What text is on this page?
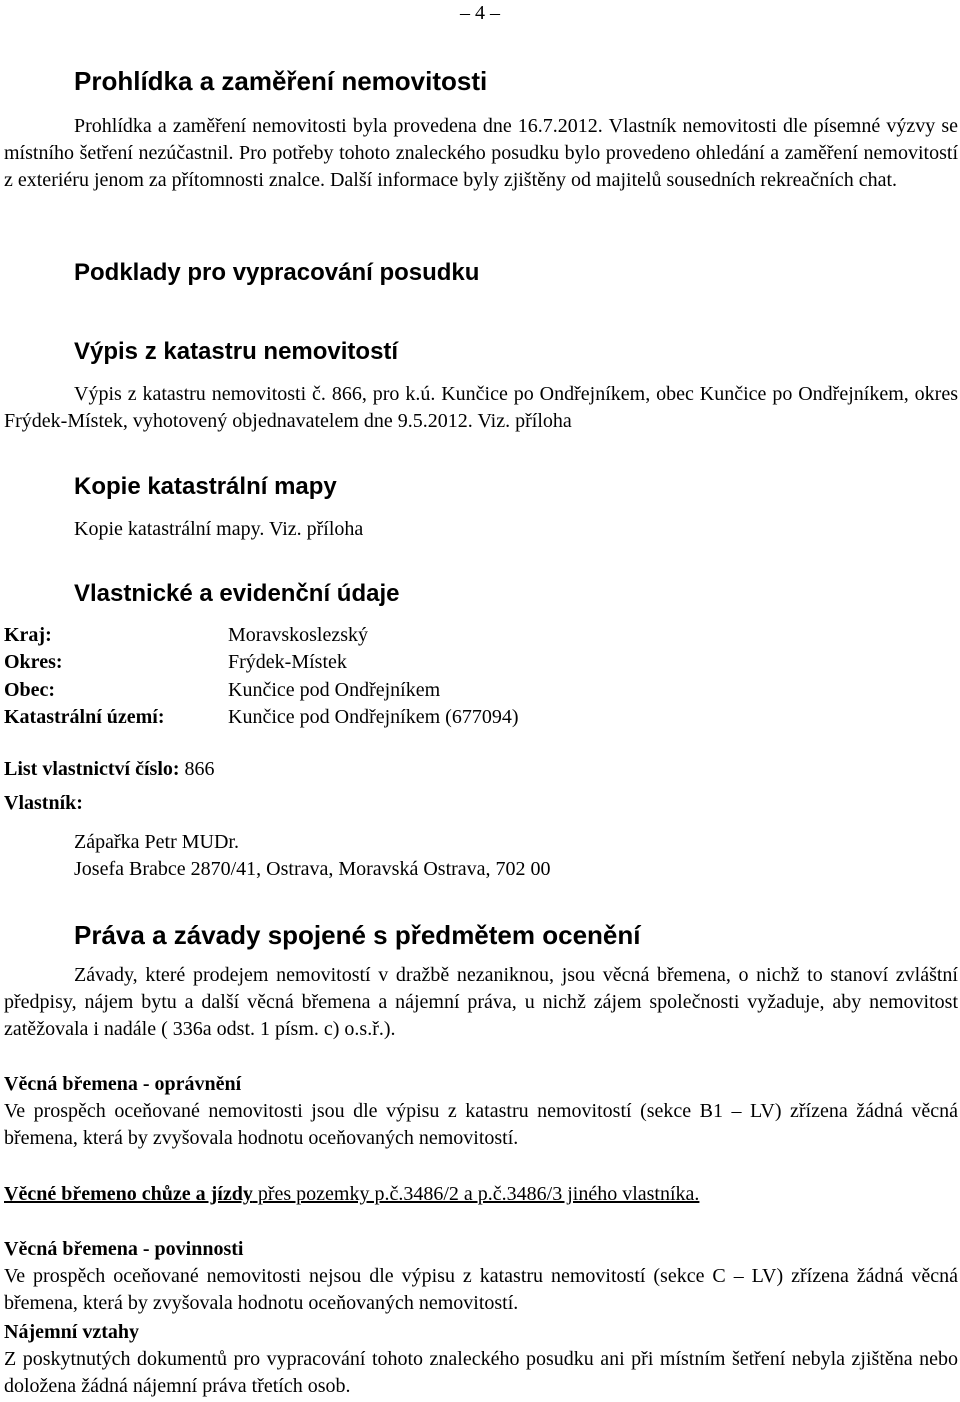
– 4 –
Prohlídka a zaměření nemovitosti

Prohlídka a zaměření nemovitosti byla provedena dne 16.7.2012. Vlastník nemovitosti dle písemné výzvy se místního šetření nezúčastnil. Pro potřeby tohoto znaleckého posudku bylo provedeno ohledání a zaměření nemovitostí z exteriéru jenom za přítomnosti znalce. Další informace byly zjištěny od majitelů sousedních rekreačních chat.

Podklady pro vypracování posudku
Výpis z katastru nemovitostí

Výpis z katastru nemovitosti č. 866, pro k.ú. Kunčice po Ondřejníkem, obec Kunčice po Ondřejníkem, okres Frýdek-Místek, vyhotovený objednavatelem dne 9.5.2012. Viz. příloha

Kopie katastrální mapy

Kopie katastrální mapy. Viz. příloha

Vlastnické a evidenční údaje
Kraj:	Moravskoslezský
Okres:	Frýdek-Místek
Obec:	Kunčice pod Ondřejníkem
Katastrální území:	Kunčice pod Ondřejníkem (677094)
List vlastnictví číslo: 866
Vlastník:
Zápařka Petr MUDr.
Josefa Brabce 2870/41, Ostrava, Moravská Ostrava, 702 00
Práva a závady spojené s předmětem ocenění

Závady, které prodejem nemovitostí v dražbě nezaniknou, jsou věcná břemena, o nichž to stanoví zvláštní předpisy, nájem bytu a další věcná břemena a nájemní práva, u nichž zájem společnosti vyžaduje, aby nemovitost zatěžovala i nadále ( 336a odst. 1 písm. c) o.s.ř.).

Věcná břemena - oprávnění

Ve prospěch oceňované nemovitosti jsou dle výpisu z katastru nemovitostí (sekce B1 – LV) zřízena žádná věcná břemena, která by zvyšovala hodnotu oceňovaných nemovitostí.

Věcné břemeno chůze a jízdy přes pozemky p.č.3486/2 a p.č.3486/3 jiného vlastníka.
Věcná břemena - povinnosti

Ve prospěch oceňované nemovitosti nejsou dle výpisu z katastru nemovitostí (sekce C – LV) zřízena žádná věcná břemena, která by zvyšovala hodnotu oceňovaných nemovitostí.

Nájemní vztahy

Z poskytnutých dokumentů pro vypracování tohoto znaleckého posudku ani při místním šetření nebyla zjištěna nebo doložena žádná nájemní práva třetích osob.
